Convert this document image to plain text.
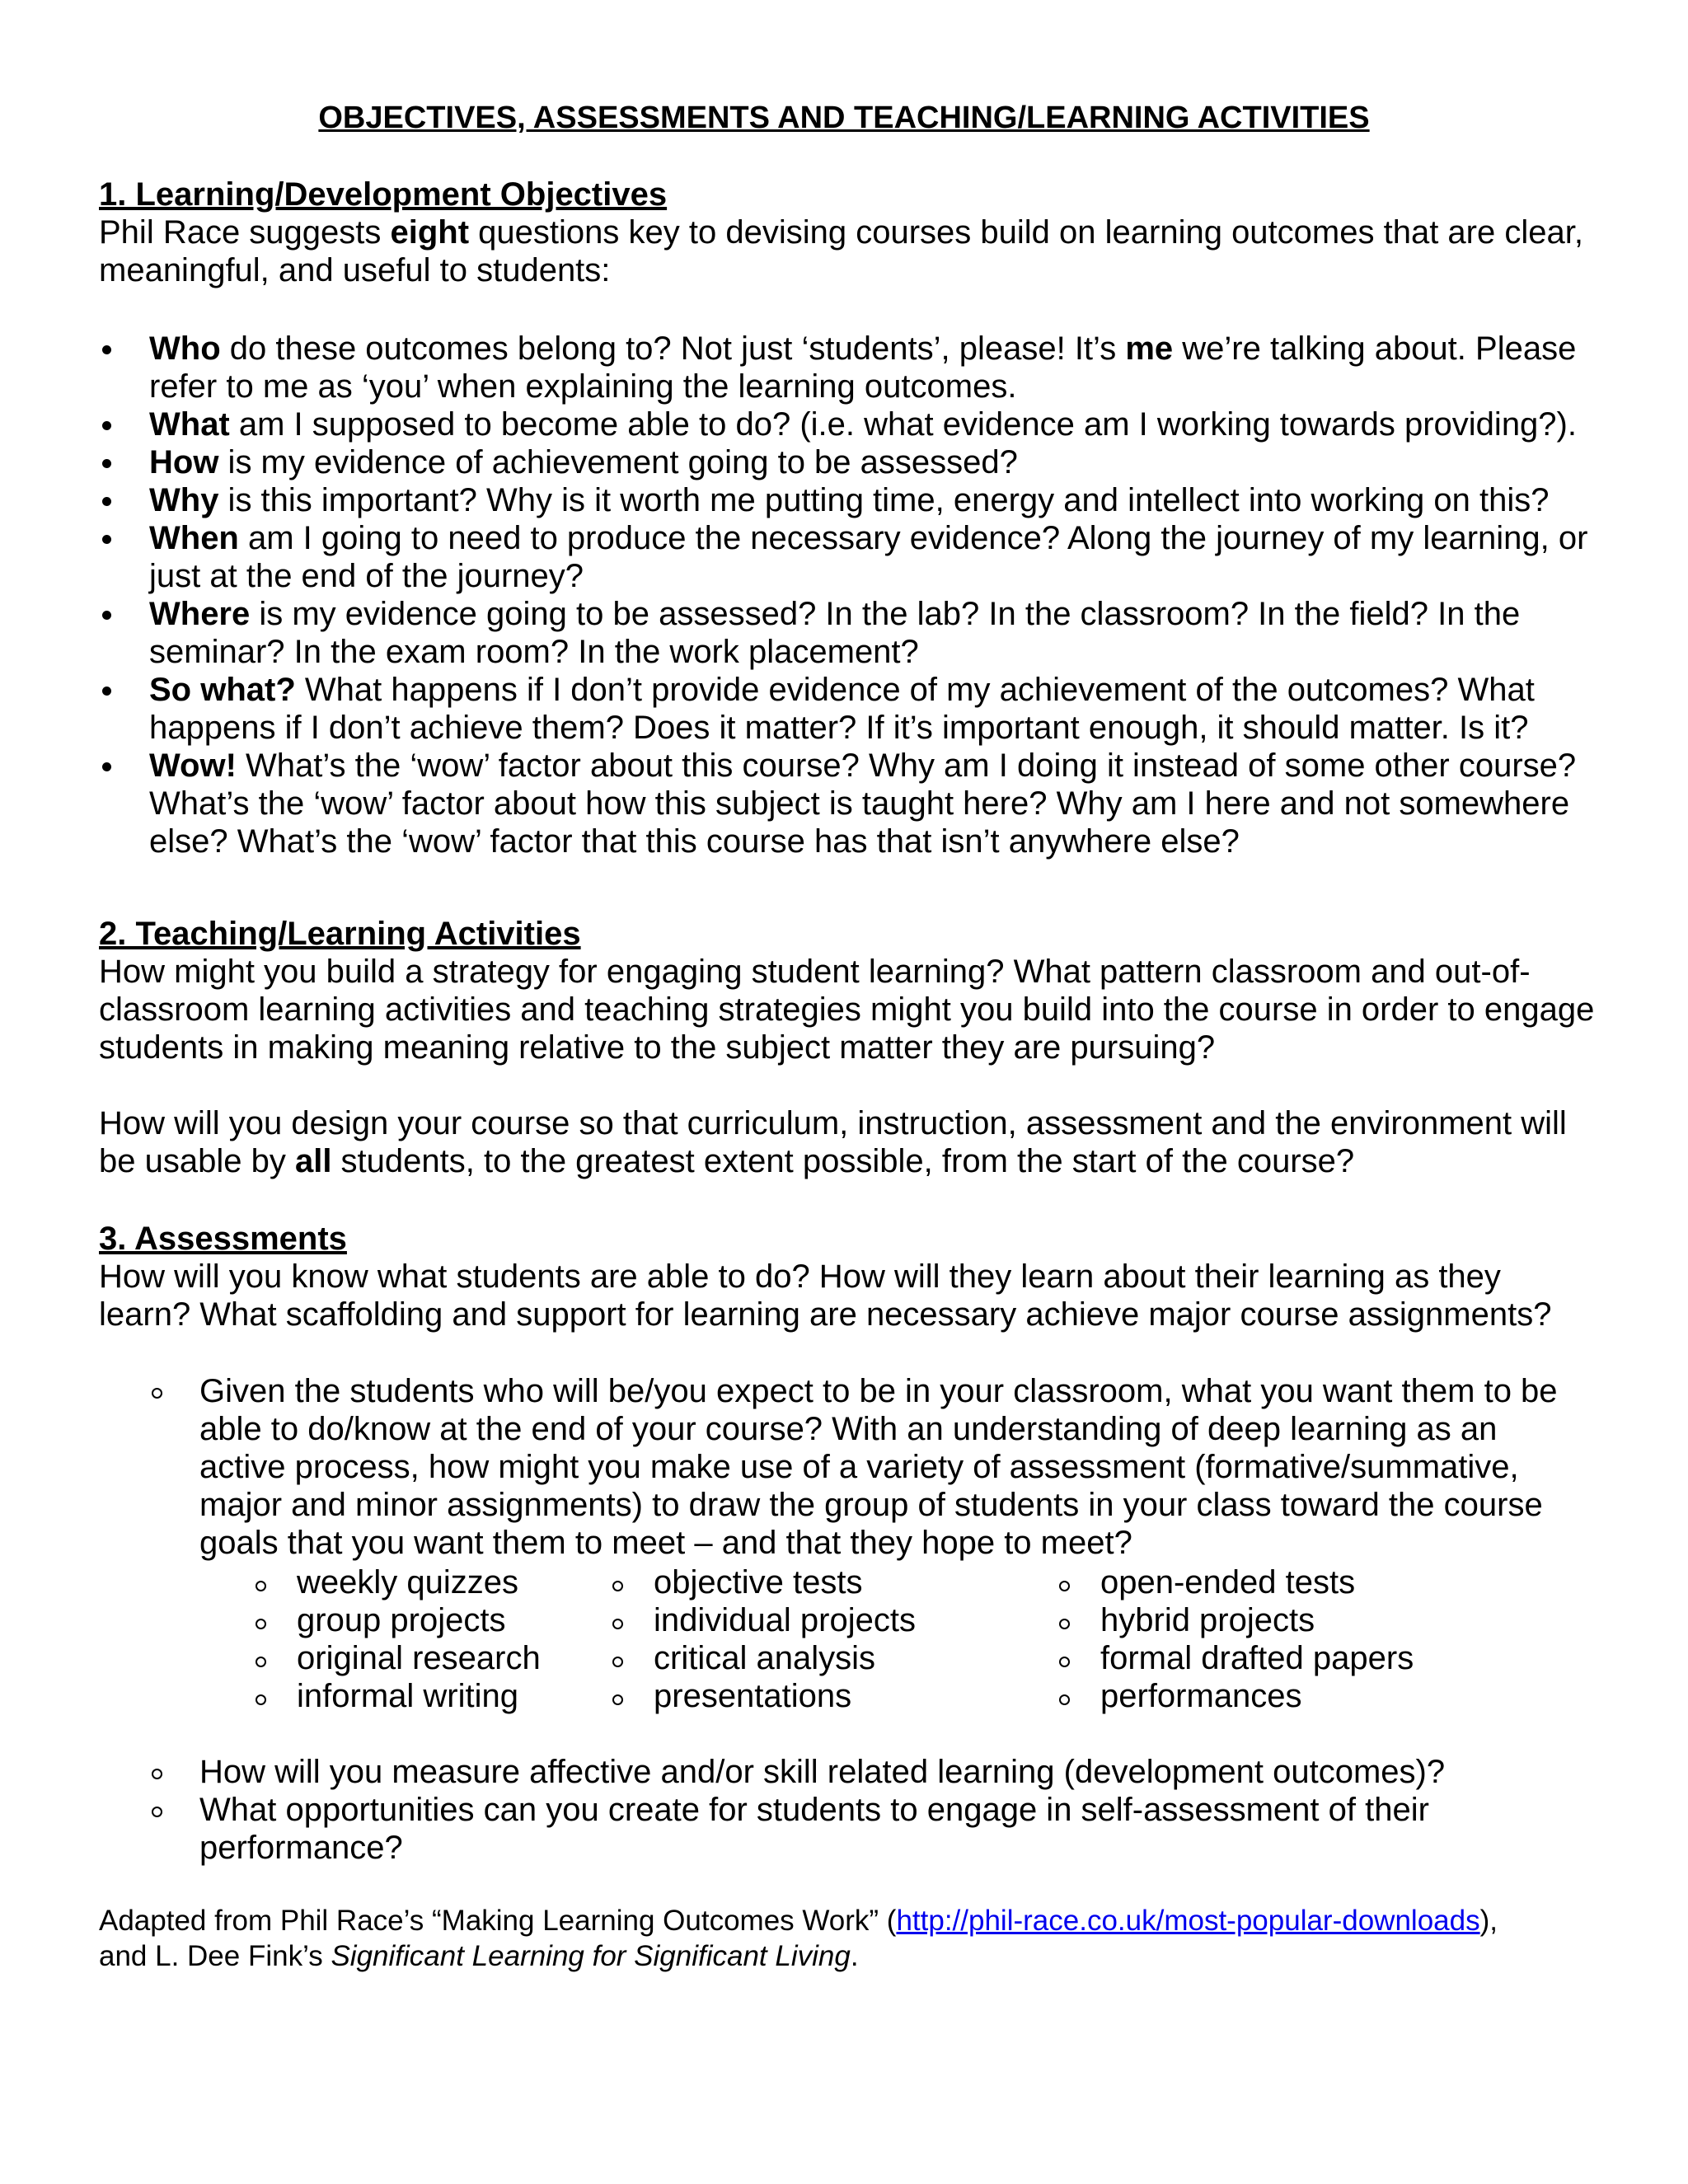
OBJECTIVES, ASSESSMENTS AND TEACHING/LEARNING ACTIVITIES
1. Learning/Development Objectives
Phil Race suggests eight questions key to devising courses build on learning outcomes that are clear, meaningful, and useful to students:
Who do these outcomes belong to? Not just ‘students’, please! It’s me we’re talking about. Please refer to me as ‘you’ when explaining the learning outcomes.
What am I supposed to become able to do? (i.e. what evidence am I working towards providing?).
How is my evidence of achievement going to be assessed?
Why is this important? Why is it worth me putting time, energy and intellect into working on this?
When am I going to need to produce the necessary evidence? Along the journey of my learning, or just at the end of the journey?
Where is my evidence going to be assessed? In the lab? In the classroom? In the field? In the seminar? In the exam room? In the work placement?
So what? What happens if I don’t provide evidence of my achievement of the outcomes? What happens if I don’t achieve them? Does it matter? If it’s important enough, it should matter. Is it?
Wow! What’s the ‘wow’ factor about this course? Why am I doing it instead of some other course? What’s the ‘wow’ factor about how this subject is taught here? Why am I here and not somewhere else? What’s the ‘wow’ factor that this course has that isn’t anywhere else?
2. Teaching/Learning Activities
How might you build a strategy for engaging student learning? What pattern classroom and out-of-classroom learning activities and teaching strategies might you build into the course in order to engage students in making meaning relative to the subject matter they are pursuing?
How will you design your course so that curriculum, instruction, assessment and the environment will be usable by all students, to the greatest extent possible, from the start of the course?
3. Assessments
How will you know what students are able to do? How will they learn about their learning as they learn? What scaffolding and support for learning are necessary achieve major course assignments?
Given the students who will be/you expect to be in your classroom, what you want them to be able to do/know at the end of your course? With an understanding of deep learning as an active process, how might you make use of a variety of assessment (formative/summative, major and minor assignments) to draw the group of students in your class toward the course goals that you want them to meet – and that they hope to meet?
weekly quizzes	objective tests	open-ended tests
group projects	individual projects	hybrid projects
original research	critical analysis	formal drafted papers
informal writing	presentations	performances
How will you measure affective and/or skill related learning (development outcomes)?
What opportunities can you create for students to engage in self-assessment of their performance?
Adapted from Phil Race’s “Making Learning Outcomes Work” (http://phil-race.co.uk/most-popular-downloads),
and L. Dee Fink’s Significant Learning for Significant Living.
